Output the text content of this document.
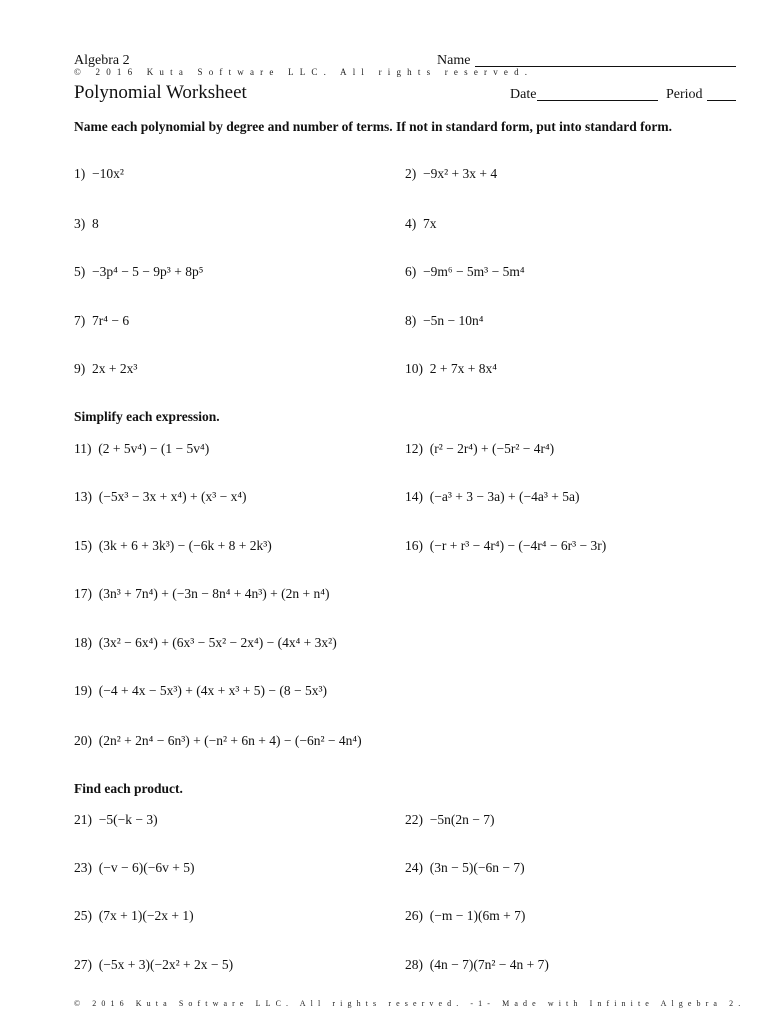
Algebra 2
© 2016 Kuta Software LLC. All rights reserved.
Name
Polynomial Worksheet	Date	Period
Name each polynomial by degree and number of terms. If not in standard form, put into standard form.
1) −10x²	2) −9x² + 3x + 4
3) 8	4) 7x
5) −3p⁴ − 5 − 9p³ + 8p⁵	6) −9m⁶ − 5m³ − 5m⁴
7) 7r⁴ − 6	8) −5n − 10n⁴
9) 2x + 2x³	10) 2 + 7x + 8x⁴
Simplify each expression.
11) (2 + 5v⁴) − (1 − 5v⁴)	12) (r² − 2r⁴) + (−5r² − 4r⁴)
13) (−5x³ − 3x + x⁴) + (x³ − x⁴)	14) (−a³ + 3 − 3a) + (−4a³ + 5a)
15) (3k + 6 + 3k³) − (−6k + 8 + 2k³)	16) (−r + r³ − 4r⁴) − (−4r⁴ − 6r³ − 3r)
17) (3n³ + 7n⁴) + (−3n − 8n⁴ + 4n³) + (2n + n⁴)
18) (3x² − 6x⁴) + (6x³ − 5x² − 2x⁴) − (4x⁴ + 3x²)
19) (−4 + 4x − 5x³) + (4x + x³ + 5) − (8 − 5x³)
20) (2n² + 2n⁴ − 6n³) + (−n² + 6n + 4) − (−6n² − 4n⁴)
Find each product.
21) −5(−k − 3)	22) −5n(2n − 7)
23) (−v − 6)(−6v + 5)	24) (3n − 5)(−6n − 7)
25) (7x + 1)(−2x + 1)	26) (−m − 1)(6m + 7)
27) (−5x + 3)(−2x² + 2x − 5)	28) (4n − 7)(7n² − 4n + 7)
© 2016 Kuta Software LLC. All rights reserved. -1- Made with Infinite Algebra 2.
